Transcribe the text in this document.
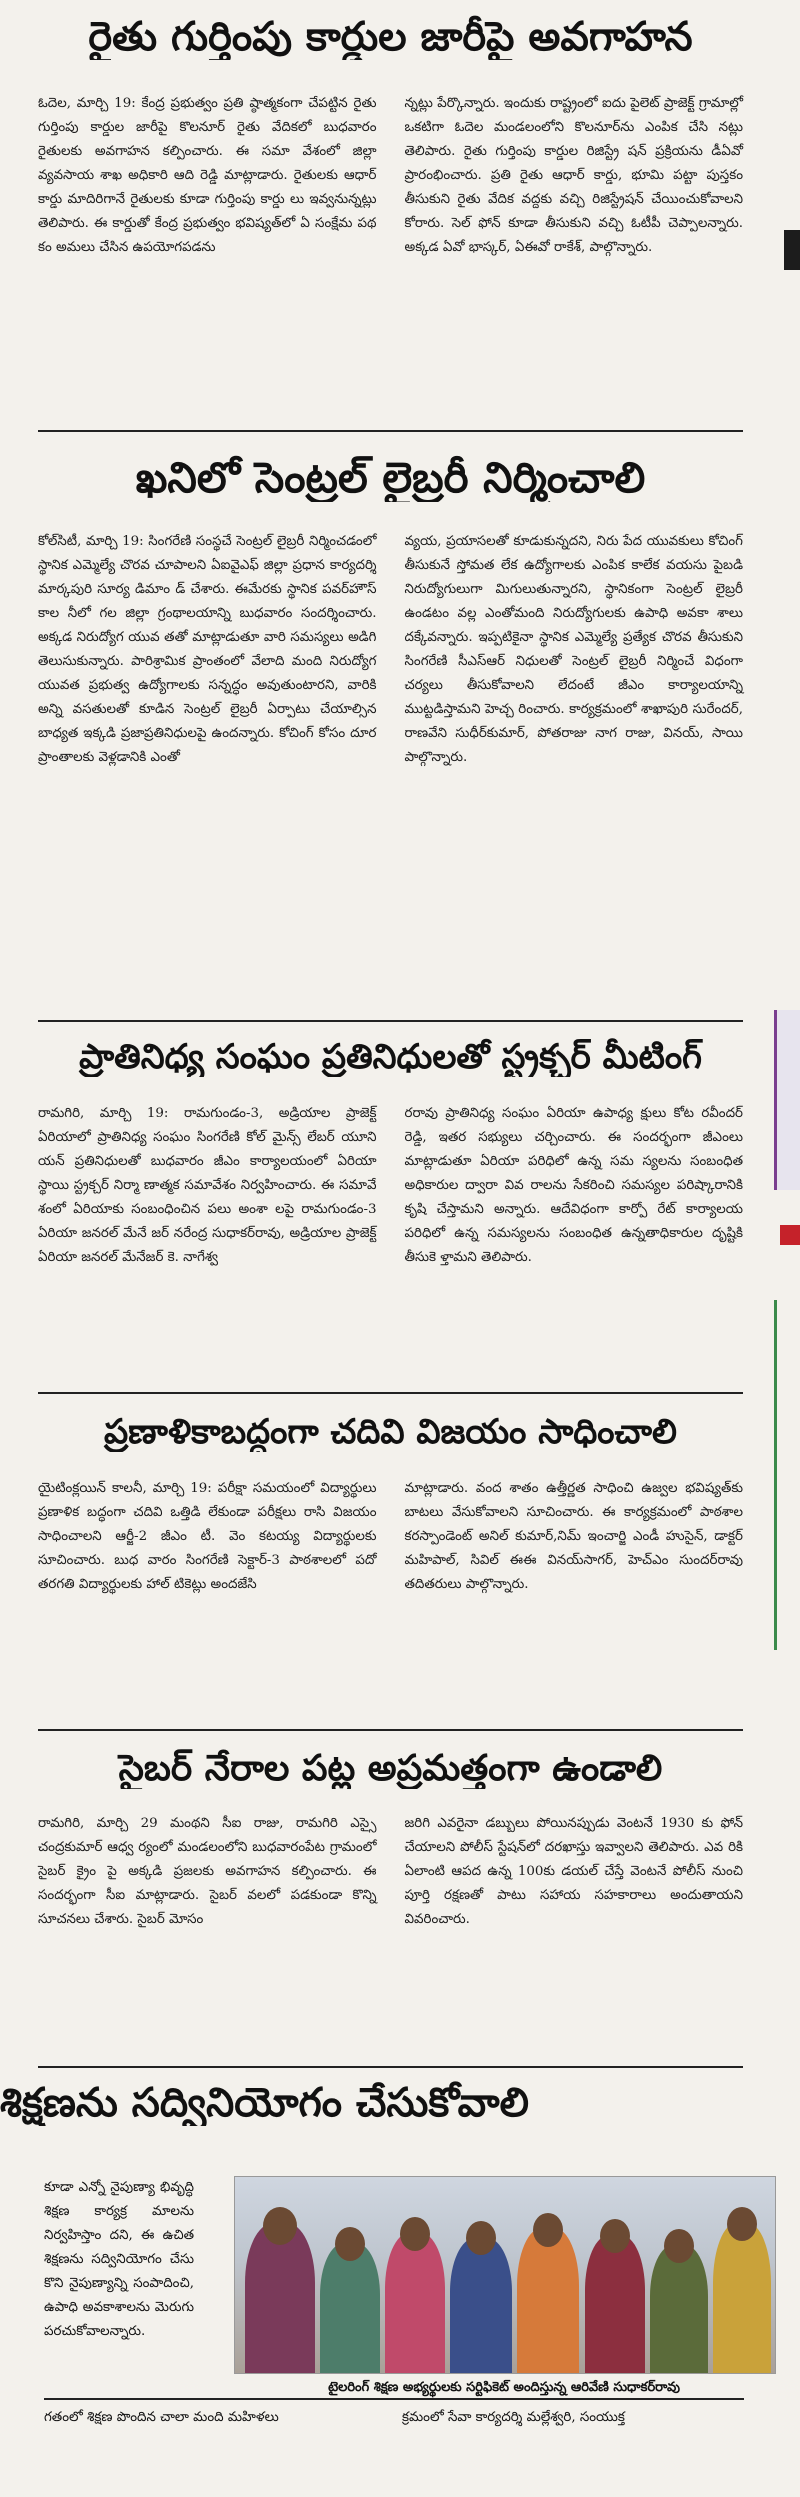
రైతు గుర్తింపు కార్డుల జారీపై అవగాహన

ఓదెల, మార్చి 19: కేంద్ర ప్రభుత్వం ప్రతి ష్ఠాత్మకంగా చేపట్టిన రైతు గుర్తింపు కార్డుల జారీపై కొలనూర్ రైతు వేదికలో బుధవారం రైతులకు అవగాహన కల్పించారు. ఈ సమా వేశంలో జిల్లా వ్యవసాయ శాఖ అధికారి ఆది రెడ్డి మాట్లాడారు. రైతులకు ఆధార్ కార్డు మాదిరిగానే రైతులకు కూడా గుర్తింపు కార్డు లు ఇవ్వనున్నట్లు తెలిపారు. ఈ కార్డుతో కేంద్ర ప్రభుత్వం భవిష్యత్‌లో ఏ సంక్షేమ పథ కం అమలు చేసిన ఉపయోగపడను

న్నట్లు పేర్కొన్నారు. ఇందుకు రాష్ట్రంలో ఐదు పైలెట్ ప్రాజెక్ట్ గ్రామాల్లో ఒకటిగా ఓదెల మండలంలోని కొలనూర్‌ను ఎంపిక చేసి నట్లు తెలిపారు. రైతు గుర్తింపు కార్డుల రిజిస్ట్రే షన్ ప్రక్రియను డీఏవో ప్రారంభించారు. ప్రతి రైతు ఆధార్ కార్డు, భూమి పట్టా పుస్తకం తీసుకుని రైతు వేదిక వద్దకు వచ్చి రిజిస్ట్రేషన్ చేయించుకోవాలని కోరారు. సెల్ ఫోన్ కూడా తీసుకుని వచ్చి ఓటీపీ చెప్పాలన్నారు. అక్కడ ఏవో భాస్కర్, ఏఈవో రాకేశ్, పాల్గొన్నారు.

ఖనిలో సెంట్రల్ లైబ్రరీ నిర్మించాలి

కోల్‌సిటీ, మార్చి 19: సింగరేణి సంస్థచే సెంట్రల్ లైబ్రరీ నిర్మించడంలో స్థానిక ఎమ్మెల్యే చొరవ చూపాలని ఏఐవైఎఫ్ జిల్లా ప్రధాన కార్యదర్శి మార్కపురి సూర్య డిమాం డ్ చేశారు. ఈమేరకు స్థానిక పవర్‌హౌస్ కాల నీలో గల జిల్లా గ్రంథాలయాన్ని బుధవారం సందర్శించారు. అక్కడ నిరుద్యోగ యువ తతో మాట్లాడుతూ వారి సమస్యలు అడిగి తెలుసుకున్నారు. పారిశ్రామిక ప్రాంతంలో వేలాది మంది నిరుద్యోగ యువత ప్రభుత్వ ఉద్యోగాలకు సన్నద్ధం అవుతుంటారని, వారికి అన్ని వసతులతో కూడిన సెంట్రల్ లైబ్రరీ ఏర్పాటు చేయాల్సిన బాధ్యత ఇక్కడి ప్రజాప్రతినిధులపై ఉందన్నారు. కోచింగ్ కోసం దూర ప్రాంతాలకు వెళ్లడానికి ఎంతో

వ్యయ, ప్రయాసలతో కూడుకున్నదని, నిరు పేద యువకులు కోచింగ్ తీసుకునే స్తోమత లేక ఉద్యోగాలకు ఎంపిక కాలేక వయసు పైబడి నిరుద్యోగులుగా మిగులుతున్నారని, స్థానికంగా సెంట్రల్ లైబ్రరీ ఉండటం వల్ల ఎంతోమంది నిరుద్యోగులకు ఉపాధి అవకా శాలు దక్కేవన్నారు. ఇప్పటికైనా స్థానిక ఎమ్మెల్యే ప్రత్యేక చొరవ తీసుకుని సింగరేణి సీఎస్ఆర్ నిధులతో సెంట్రల్ లైబ్రరీ నిర్మించే విధంగా చర్యలు తీసుకోవాలని లేదంటే జీఎం కార్యాలయాన్ని ముట్టడిస్తామని హెచ్చ రించారు. కార్యక్రమంలో శాఖాపురి సురేందర్, రాణవేని సుధీర్‌కుమార్, పోతరాజు నాగ రాజు, వినయ్, సాయి పాల్గొన్నారు.

ప్రాతినిధ్య సంఘం ప్రతినిధులతో స్ట్రక్చర్ మీటింగ్

రామగిరి, మార్చి 19: రామగుండం-3, అడ్రియాల ప్రాజెక్ట్ ఏరియాలో ప్రాతినిధ్య సంఘం సింగరేణి కోల్ మైన్స్ లేబర్ యూని యన్ ప్రతినిధులతో బుధవారం జీఎం కార్యాలయంలో ఏరియా స్థాయి స్ట్రక్చర్ నిర్మా ణాత్మక సమావేశం నిర్వహించారు. ఈ సమావే శంలో ఏరియాకు సంబంధించిన పలు అంశా లపై రామగుండం-3 ఏరియా జనరల్ మేనే జర్ నరేంద్ర సుధాకర్‌రావు, అడ్రియాల ప్రాజెక్ట్ ఏరియా జనరల్ మేనేజర్ కె. నాగేశ్వ

రరావు ప్రాతినిధ్య సంఘం ఏరియా ఉపాధ్య క్షులు కోట రవీందర్ రెడ్డి, ఇతర సభ్యులు చర్చించారు. ఈ సందర్భంగా జీఎంలు మాట్లాడుతూ ఏరియా పరిధిలో ఉన్న సమ స్యలను సంబంధిత అధికారుల ద్వారా వివ రాలను సేకరించి సమస్యల పరిష్కారానికి కృషి చేస్తామని అన్నారు. ఆదేవిధంగా కార్పో రేట్ కార్యాలయ పరిధిలో ఉన్న సమస్యలను సంబంధిత ఉన్నతాధికారుల దృష్టికి తీసుకె ళ్తామని తెలిపారు.

ప్రణాళికాబద్ధంగా చదివి విజయం సాధించాలి

యైటింక్లయిన్ కాలనీ, మార్చి 19: పరీక్షా సమయంలో విద్యార్థులు ప్రణాళిక బద్ధంగా చదివి ఒత్తిడి లేకుండా పరీక్షలు రాసి విజయం సాధించాలని ఆర్జీ-2 జీఎం టీ. వెం కటయ్య విద్యార్థులకు సూచించారు. బుధ వారం సింగరేణి సెక్టార్-3 పాఠశాలలో పదో తరగతి విద్యార్థులకు హాల్ టికెట్లు అందజేసి

మాట్లాడారు. వంద శాతం ఉత్తీర్ణత సాధించి ఉజ్వల భవిష్యత్‌కు బాటలు వేసుకోవాలని సూచించారు. ఈ కార్యక్రమంలో పాఠశాల కరస్పాండెంట్ అనిల్ కుమార్,నిమ్ ఇంచార్జి ఎండీ హుసైన్, డాక్టర్ మహిపాల్, సివిల్ ఈఈ వినయ్‌సాగర్, హెచ్ఎం సుందర్‌రావు తదితరులు పాల్గొన్నారు.

సైబర్ నేరాల పట్ల అప్రమత్తంగా ఉండాలి

రామగిరి, మార్చి 29 మంథని సీఐ రాజు, రామగిరి ఎస్సై చంద్రకుమార్ ఆధ్వ ర్యంలో మండలంలోని బుధవారంపేట గ్రామంలో సైబర్ క్రైం పై అక్కడి ప్రజలకు అవగాహన కల్పించారు. ఈ సందర్భంగా సీఐ మాట్లాడారు. సైబర్ వలలో పడకుండా కొన్ని సూచనలు చేశారు. సైబర్ మోసం

జరిగి ఎవరైనా డబ్బులు పోయినప్పుడు వెంటనే 1930 కు ఫోన్ చేయాలని పోలీస్ స్టేషన్‌లో దరఖాస్తు ఇవ్వాలని తెలిపారు. ఎవ రికి ఏలాంటి ఆపద ఉన్న 100కు డయల్ చేస్తే వెంటనే పోలీస్ నుంచి పూర్తి రక్షణతో పాటు సహాయ సహకారాలు అందుతాయని వివరించారు.

శిక్షణను సద్వినియోగం చేసుకోవాలి

కూడా ఎన్నో నైపుణ్యా భివృద్ధి శిక్షణ కార్యక్ర మాలను నిర్వహిస్తాం దని, ఈ ఉచిత శిక్షణను సద్వినియోగం చేసు కొని నైపుణ్యాన్ని సంపాదించి, ఉపాధి అవకాశాలను మెరుగు పరచుకోవాలన్నారు.

టైలరింగ్ శిక్షణ అభ్యర్థులకు సర్టిఫికెట్ అందిస్తున్న ఆరివేణి సుధాకర్‌రావు
గతంలో శిక్షణ పొందిన చాలా మంది మహిళలు	క్రమంలో సేవా కార్యదర్శి మల్లేశ్వరి, సంయుక్త
